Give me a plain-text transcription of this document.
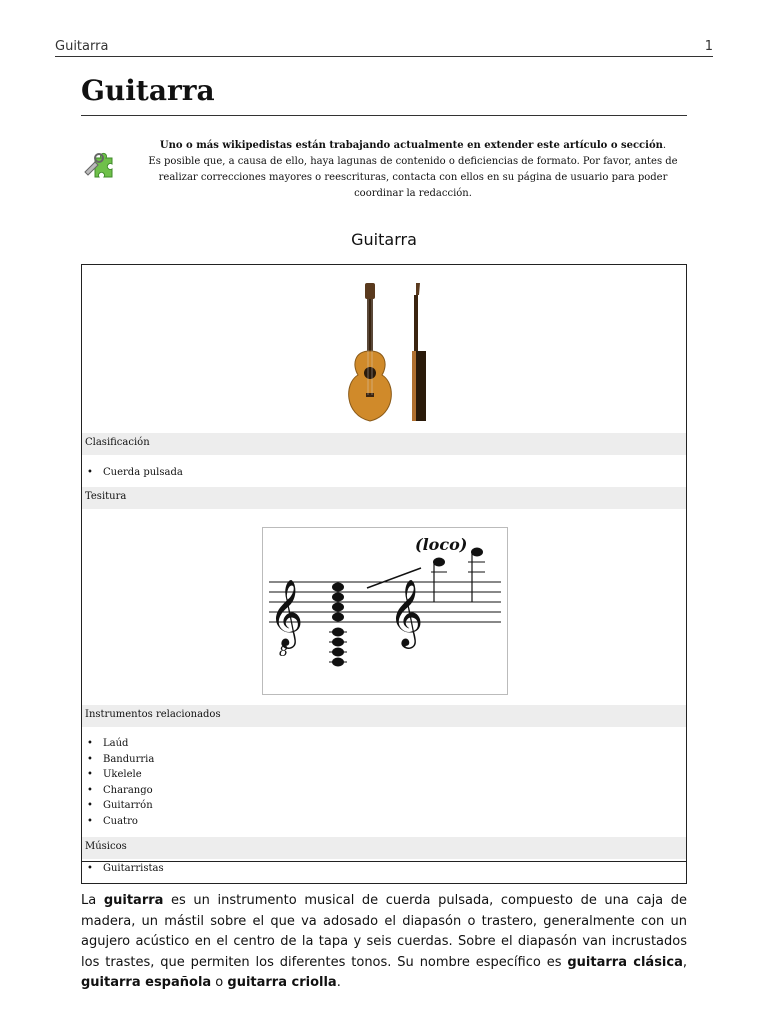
Guitarra	1
Guitarra
Uno o más wikipedistas están trabajando actualmente en extender este artículo o sección.
Es posible que, a causa de ello, haya lagunas de contenido o deficiencias de formato. Por favor, antes de realizar correcciones mayores o reescrituras, contacta con ellos en su página de usuario para poder coordinar la redacción.
Guitarra
Clasificación
• Cuerda pulsada
Tesitura
𝄞
8
𝄞
(loco)
Instrumentos relacionados
• Laúd
• Bandurria
• Ukelele
• Charango
• Guitarrón
• Cuatro
Músicos
• Guitarristas

La guitarra es un instrumento musical de cuerda pulsada, compuesto de una caja de madera, un mástil sobre el que va adosado el diapasón o trastero, generalmente con un agujero acústico en el centro de la tapa y seis cuerdas. Sobre el diapasón van incrustados los trastes, que permiten los diferentes tonos. Su nombre específico es guitarra clásica, guitarra española o guitarra criolla.
